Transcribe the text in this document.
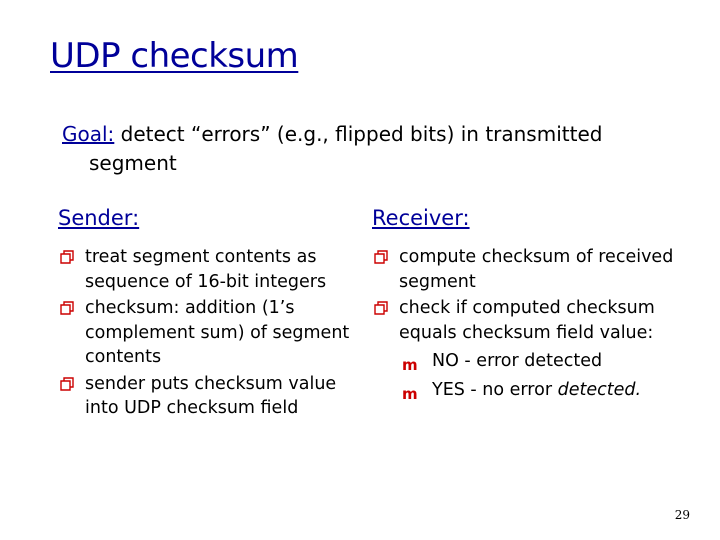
UDP checksum
Goal: detect “errors” (e.g., flipped bits) in transmitted
segment
Sender:
treat segment contents as sequence of 16-bit integers
checksum: addition (1’s complement sum) of segment contents
sender puts checksum value into UDP checksum field
Receiver:
compute checksum of received segment
check if computed checksum equals checksum field value:
m NO - error detected
m YES - no error detected.
29
